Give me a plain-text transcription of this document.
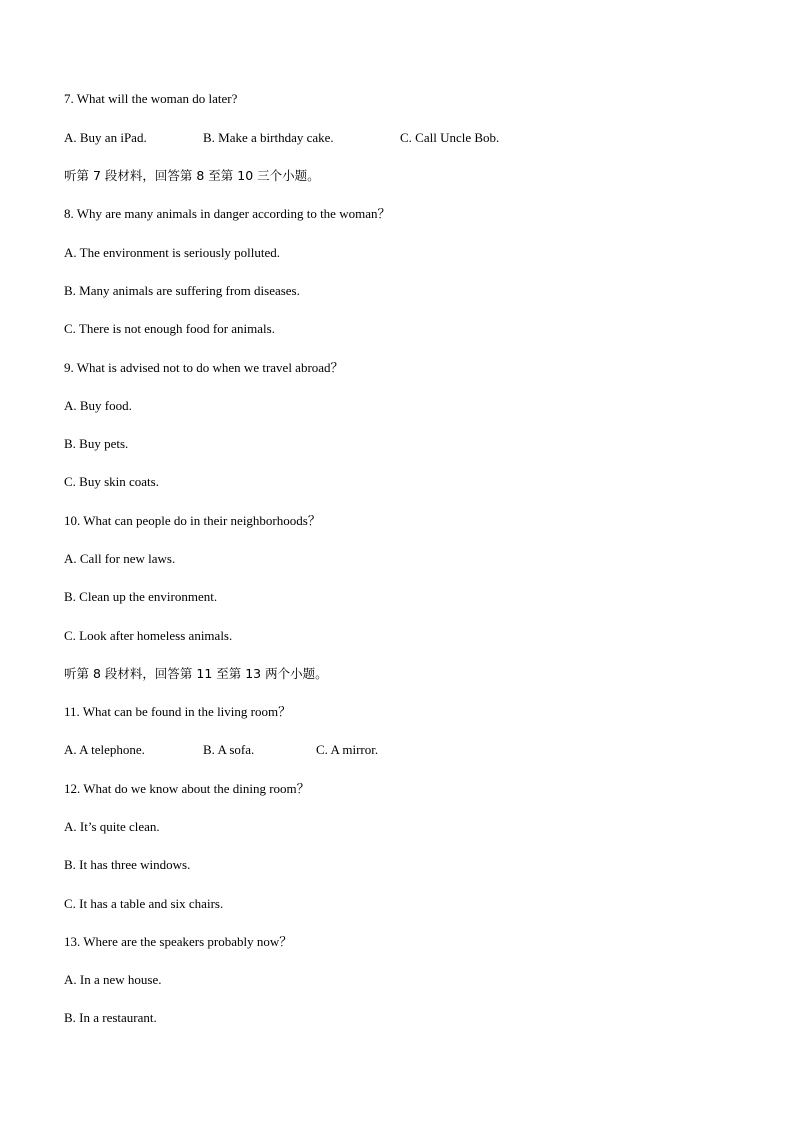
7. What will the woman do later?
A. Buy an iPad.	B. Make a birthday cake.	C. Call Uncle Bob.
听第 7 段材料，回答第 8 至第 10 三个小题。
8. Why are many animals in danger according to the woman？
A. The environment is seriously polluted.
B. Many animals are suffering from diseases.
C. There is not enough food for animals.
9. What is advised not to do when we travel abroad？
A. Buy food.
B. Buy pets.
C. Buy skin coats.
10. What can people do in their neighborhoods？
A. Call for new laws.
B. Clean up the environment.
C. Look after homeless animals.
听第 8 段材料，回答第 11 至第 13 两个小题。
11. What can be found in the living room？
A. A telephone.	B. A sofa.	C. A mirror.
12. What do we know about the dining room？
A. It’s quite clean.
B. It has three windows.
C. It has a table and six chairs.
13. Where are the speakers probably now？
A. In a new house.
B. In a restaurant.
